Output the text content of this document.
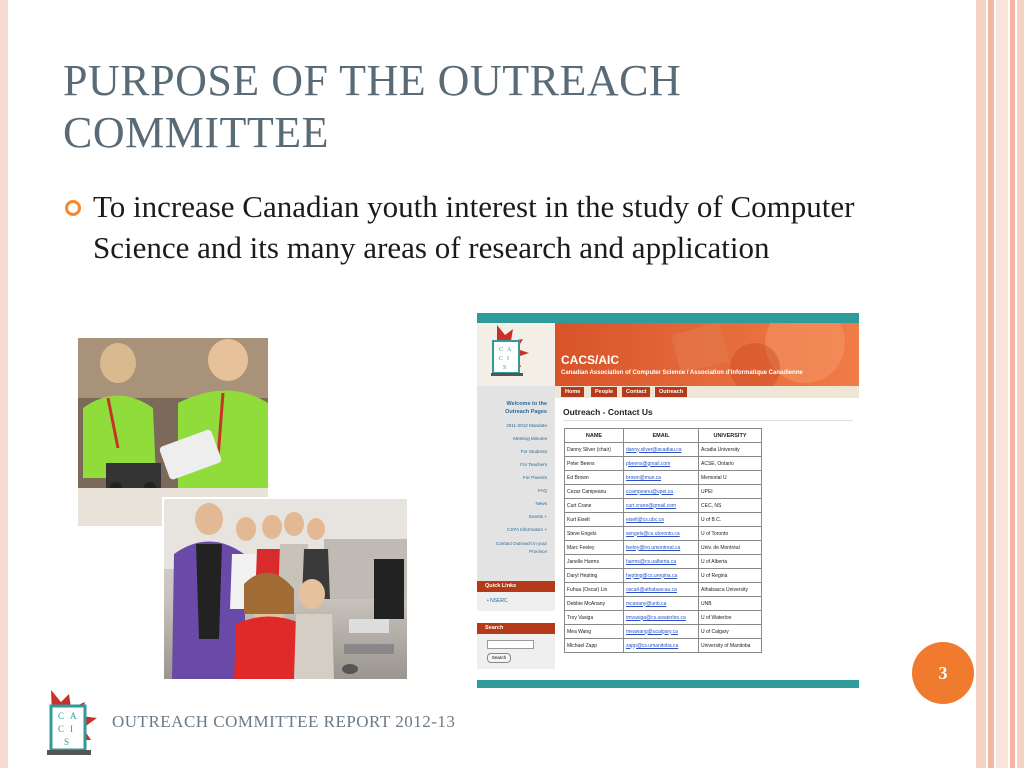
PURPOSE OF THE OUTREACH COMMITTEE
To increase Canadian youth interest in the study of Computer Science and its many areas of research and application
C A
C I
S
CACS/AIC
Canadian Association of Computer Science / Association d'Informatique Canadienne
Home	People	Contact	Outreach
Welcome to the Outreach Pages
2011-2012 Mandate
Meeting Minutes
For Students
For Teachers
For Parents
FAQ
News
Events +
CSTA Information +
Contact Outreach in your Province
Quick Links
• NSERC
Search
Search
Outreach - Contact Us
NAME	EMAIL	UNIVERSITY
Danny Silver (chair)	danny.silver@acadiau.ca	Acadia University
Peter Beens	pbeens@gmail.com	ACSE, Ontario
Ed Brown	brown@mun.ca	Memorial U
Cezar Campeanu	ccampeanu@upei.ca	UPEI
Curt Crane	curt.crane@gmail.com	CEC, NS
Kurt Eiselt	eiselt@cs.ubc.ca	U of B.C.
Steve Engels	sengels@cs.utoronto.ca	U of Toronto
Marc Feeley	feeley@iro.umontreal.ca	Univ. de Montréal
Janelle Harms	harms@cs.ualberta.ca	U of Alberta
Daryl Hepting	hepting@cs.uregina.ca	U of Regina
Fuhua (Oscar) Lin	oscarl@athabascau.ca	Athabasca University
Debbie McAnany	mcanany@unb.ca	UNB
Troy Vasiga	tmvasiga@cs.uwaterloo.ca	U of Waterloo
Mea Wang	meawang@ucalgary.ca	U of Calgary
Michael Zapp	zapp@cs.umanitoba.ca	University of Manitoba
3
C A
C I
S
OUTREACH COMMITTEE REPORT 2012-13
